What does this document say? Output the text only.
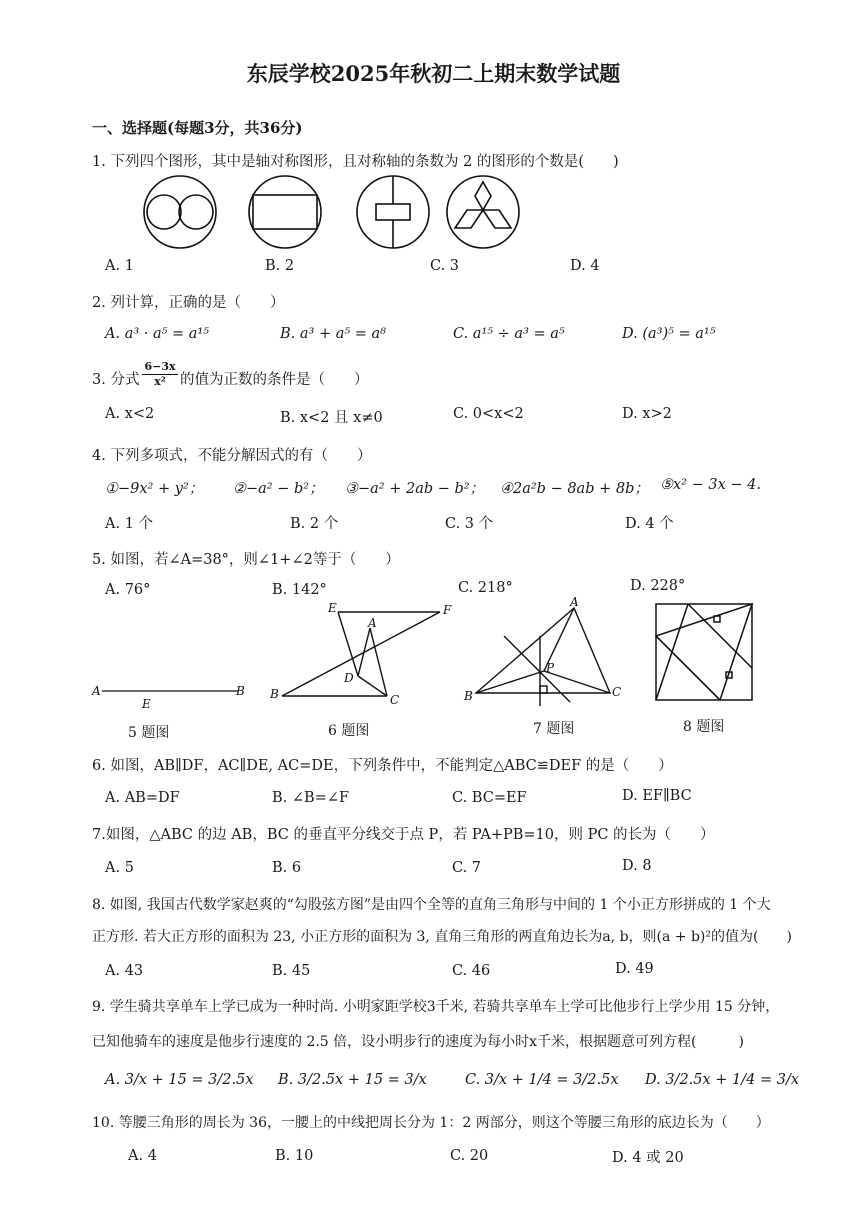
东辰学校2025年秋初二上期末数学试题
一、选择题(每题3分，共36分)
1. 下列四个图形，其中是轴对称图形，且对称轴的条数为 2 的图形的个数是(　　)
A. 1	B. 2	C. 3	D. 4
2. 列计算，正确的是（　　）
A. a³ · a⁵ = a¹⁵	B. a³ + a⁵ = a⁸	C. a¹⁵ ÷ a³ = a⁵	D. (a³)⁵ = a¹⁵
3. 分式 $\frac{6-3x}{\text{x²}}$ 的值为正数的条件是（　　）
A. x<2	B. x<2 且 x≠0	C. 0<x<2	D. x>2
4. 下列多项式，不能分解因式的有（　　）
①−9x² + y²； ②−a² − b²； ③−a² + 2ab − b²； ④2a²b − 8ab + 8b； ⑤x² − 3x − 4.
A. 1 个	B. 2 个	C. 3 个	D. 4 个
5. 如图，若∠A=38°，则∠1+∠2等于（　　）
A. 76°	B. 142°	C. 218°	D. 228°
A
E
B
E	F
A
D
B	C
A
P
B	C
5 题图	6 题图	7 题图	8 题图
6. 如图，AB∥DF，AC∥DE, AC=DE，下列条件中，不能判定△ABC≌DEF 的是（　　）
A. AB=DF	B. ∠B=∠F	C. BC=EF	D. EF∥BC
7.如图，△ABC 的边 AB，BC 的垂直平分线交于点 P，若 PA+PB=10，则 PC 的长为（　　）
A. 5	B. 6	C. 7	D. 8
8. 如图, 我国古代数学家赵爽的“勾股弦方图”是由四个全等的直角三角形与中间的 1 个小正方形拼成的 1 个大
正方形. 若大正方形的面积为 23, 小正方形的面积为 3, 直角三角形的两直角边长为a, b，则(a + b)²的值为(　　)
A. 43	B. 45	C. 46	D. 49
9. 学生骑共享单车上学已成为一种时尚. 小明家距学校3千米, 若骑共享单车上学可比他步行上学少用 15 分钟，
已知他骑车的速度是他步行速度的 2.5 倍，设小明步行的速度为每小时x千米，根据题意可列方程(　　　)
A. 3/x + 15 = 3/2.5x B. 3/2.5x + 15 = 3/x	C. 3/x + 1/4 = 3/2.5x D. 3/2.5x + 1/4 = 3/x
10. 等腰三角形的周长为 36，一腰上的中线把周长分为 1：2 两部分，则这个等腰三角形的底边长为（　　）
A. 4	B. 10	C. 20	D. 4 或 20
